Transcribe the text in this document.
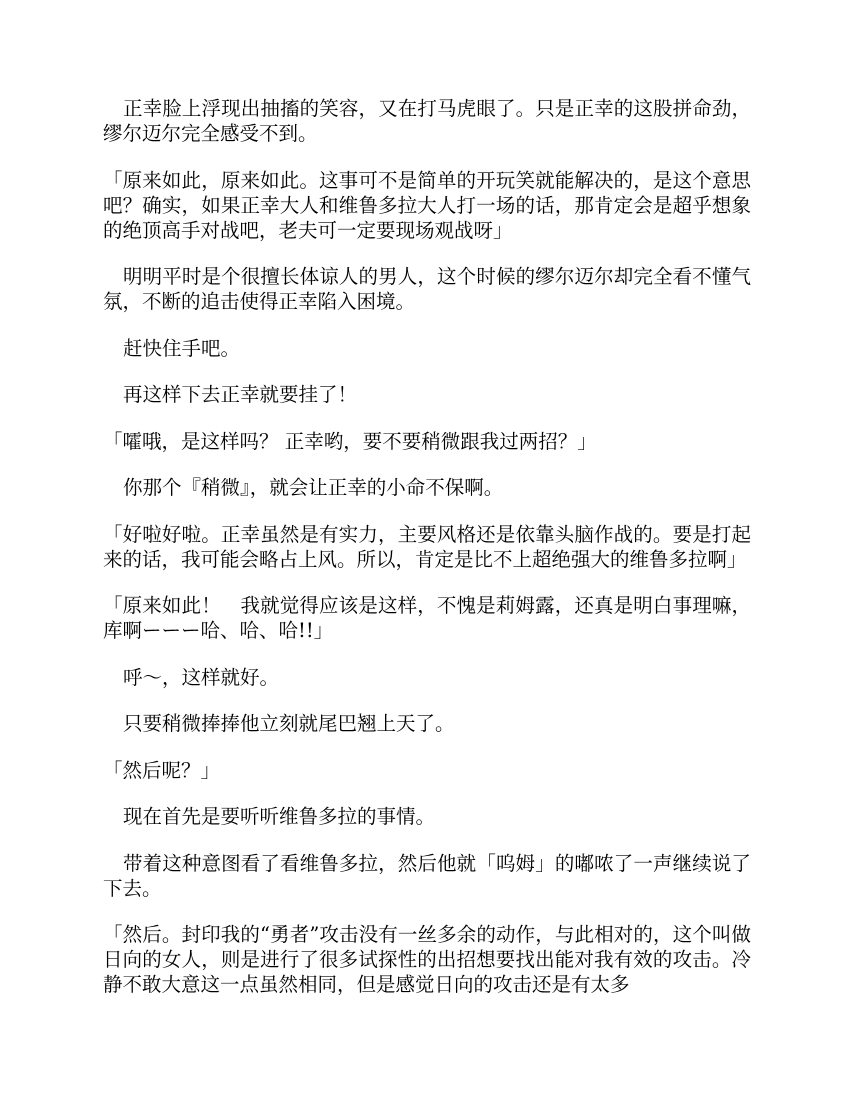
正幸脸上浮现出抽搐的笑容，又在打马虎眼了。只是正幸的这股拼命劲，缪尔迈尔完全感受不到。

「原来如此，原来如此。这事可不是简单的开玩笑就能解决的，是这个意思吧？确实，如果正幸大人和维鲁多拉大人打一场的话，那肯定会是超乎想象的绝顶高手对战吧，老夫可一定要现场观战呀」

明明平时是个很擅长体谅人的男人，这个时候的缪尔迈尔却完全看不懂气氛，不断的追击使得正幸陷入困境。

赶快住手吧。

再这样下去正幸就要挂了！

「嚯哦，是这样吗？ 正幸哟，要不要稍微跟我过两招？」

你那个『稍微』，就会让正幸的小命不保啊。

「好啦好啦。正幸虽然是有实力，主要风格还是依靠头脑作战的。要是打起来的话，我可能会略占上风。所以，肯定是比不上超绝强大的维鲁多拉啊」

「原来如此！　我就觉得应该是这样，不愧是莉姆露，还真是明白事理嘛，库啊ーーー哈、哈、哈!!」

呼～，这样就好。

只要稍微捧捧他立刻就尾巴翘上天了。

「然后呢？」

现在首先是要听听维鲁多拉的事情。

带着这种意图看了看维鲁多拉，然后他就「呜姆」的嘟哝了一声继续说了下去。

「然后。封印我的“勇者”攻击没有一丝多余的动作，与此相对的，这个叫做日向的女人，则是进行了很多试探性的出招想要找出能对我有效的攻击。冷静不敢大意这一点虽然相同，但是感觉日向的攻击还是有太多
